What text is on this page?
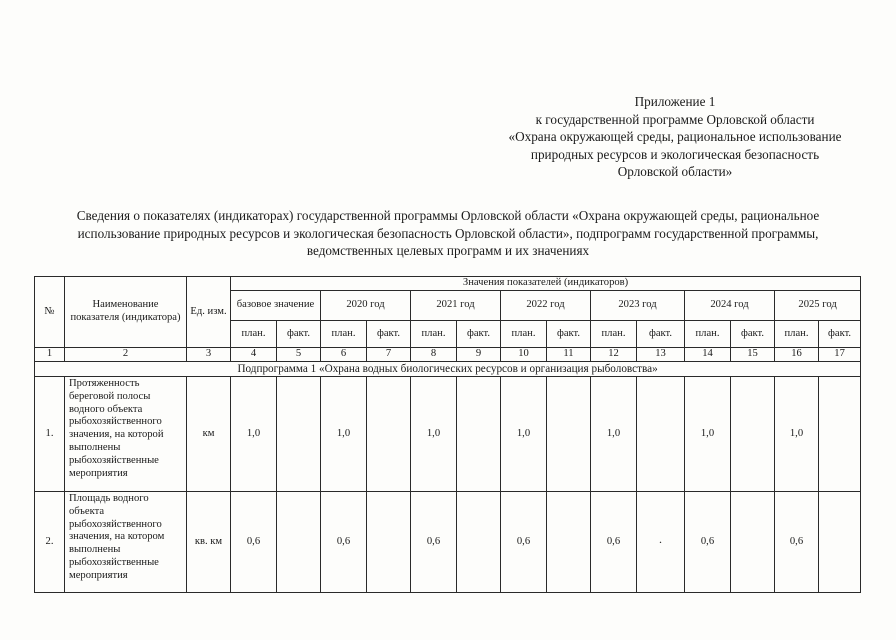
Приложение 1
к государственной программе Орловской области
«Охрана окружающей среды, рациональное использование
природных ресурсов и экологическая безопасность
Орловской области»
Сведения о показателях (индикаторах) государственной программы Орловской области «Охрана окружающей среды, рациональное
использование природных ресурсов и экологическая безопасность Орловской области», подпрограмм государственной программы,
ведомственных целевых программ и их значениях
№	Наименование показателя (индикатора)	Ед. изм.	Значения показателей (индикаторов)													
			базовое значение		2020 год		2021 год		2022 год		2023 год		2024 год		2025 год	
			план.	факт.	план.	факт.	план.	факт.	план.	факт.	план.	факт.	план.	факт.	план.	факт.
1	2	3	4	5	6	7	8	9	10	11	12	13	14	15	16	17
Подпрограмма 1 «Охрана водных биологических ресурсов и организация рыболовства»																
1.	Протяженность береговой полосы водного объекта рыбохозяйственного значения, на которой выполнены рыбохозяйственные мероприятия	км	1,0		1,0		1,0		1,0		1,0		1,0		1,0	
2.	Площадь водного объекта рыбохозяйственного значения, на котором выполнены рыбохозяйственные мероприятия	кв. км	0,6		0,6		0,6		0,6		0,6	·	0,6		0,6	
